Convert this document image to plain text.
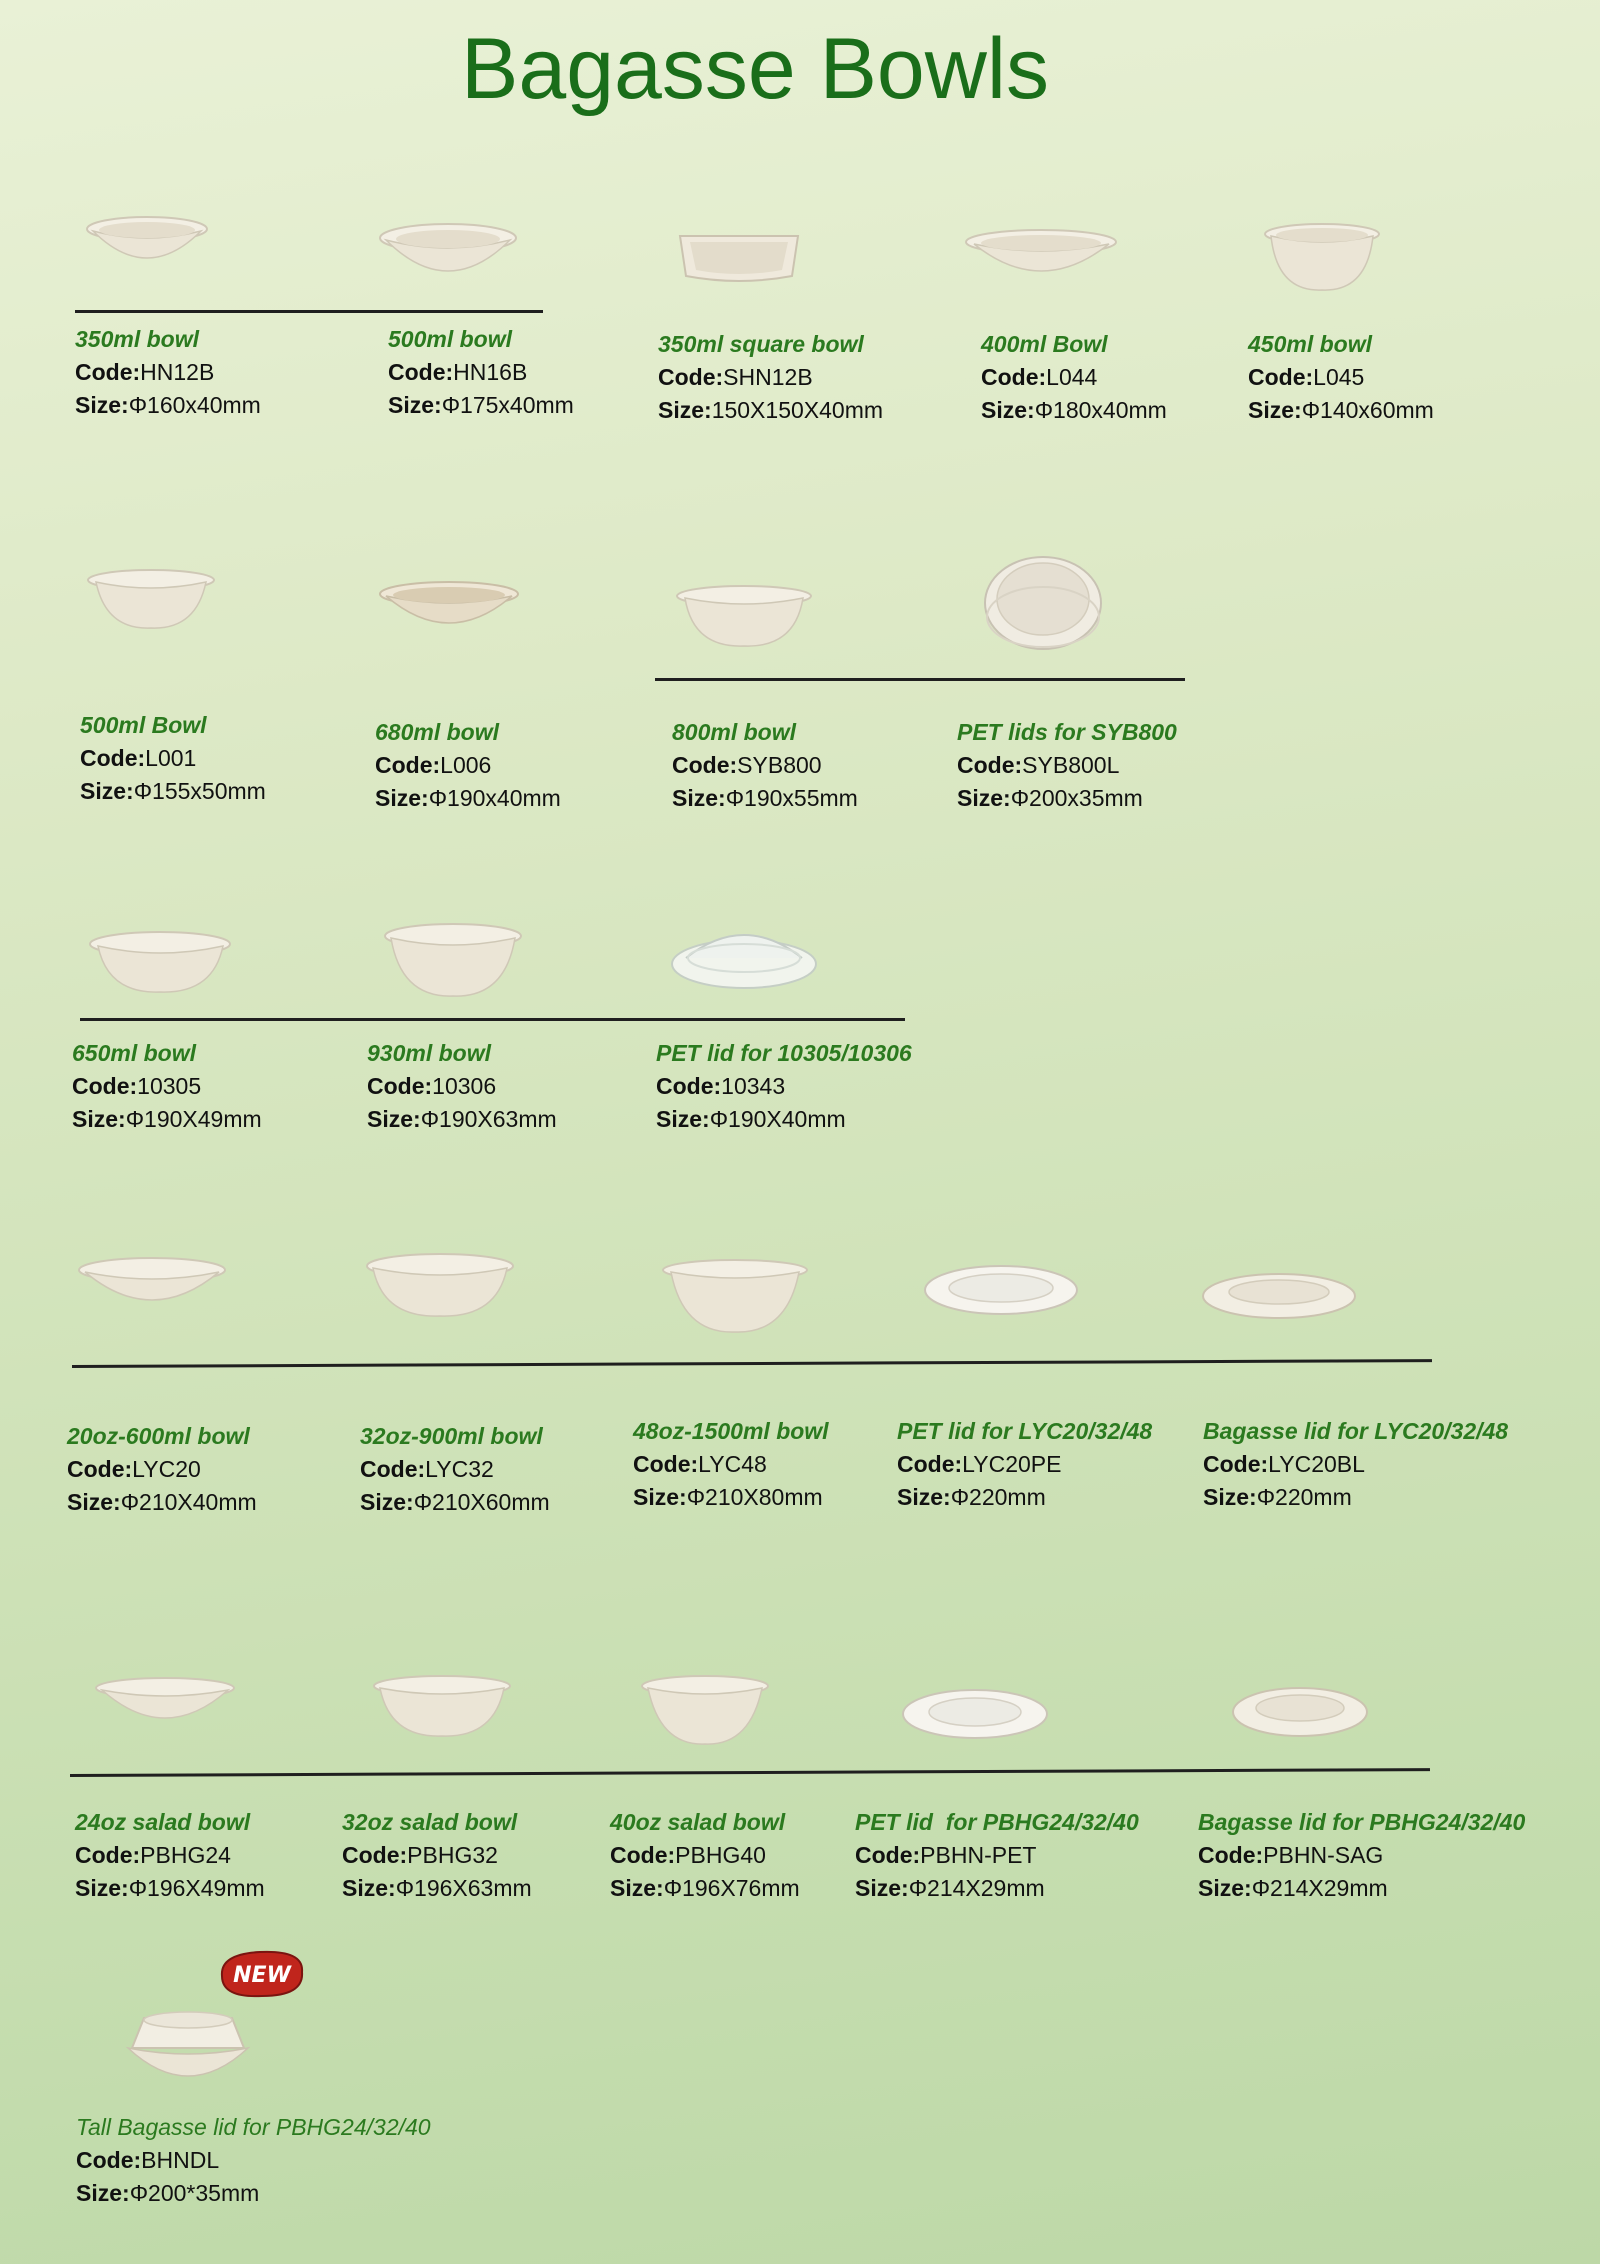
Bagasse Bowls
NEW
350ml bowl
Code:HN12B
Size:Φ160x40mm
500ml bowl
Code:HN16B
Size:Φ175x40mm
350ml square bowl
Code:SHN12B
Size:150X150X40mm
400ml Bowl
Code:L044
Size:Φ180x40mm
450ml bowl
Code:L045
Size:Φ140x60mm
500ml Bowl
Code:L001
Size:Φ155x50mm
680ml bowl
Code:L006
Size:Φ190x40mm
800ml bowl
Code:SYB800
Size:Φ190x55mm
PET lids for SYB800
Code:SYB800L
Size:Φ200x35mm
650ml bowl
Code:10305
Size:Φ190X49mm
930ml bowl
Code:10306
Size:Φ190X63mm
PET lid for 10305/10306
Code:10343
Size:Φ190X40mm
20oz-600ml bowl
Code:LYC20
Size:Φ210X40mm
32oz-900ml bowl
Code:LYC32
Size:Φ210X60mm
48oz-1500ml bowl
Code:LYC48
Size:Φ210X80mm
PET lid for LYC20/32/48
Code:LYC20PE
Size:Φ220mm
Bagasse lid for LYC20/32/48
Code:LYC20BL
Size:Φ220mm
24oz salad bowl
Code:PBHG24
Size:Φ196X49mm
32oz salad bowl
Code:PBHG32
Size:Φ196X63mm
40oz salad bowl
Code:PBHG40
Size:Φ196X76mm
PET lid  for PBHG24/32/40
Code:PBHN-PET
Size:Φ214X29mm
Bagasse lid for PBHG24/32/40
Code:PBHN-SAG
Size:Φ214X29mm
Tall Bagasse lid for PBHG24/32/40
Code:BHNDL
Size:Φ200*35mm
